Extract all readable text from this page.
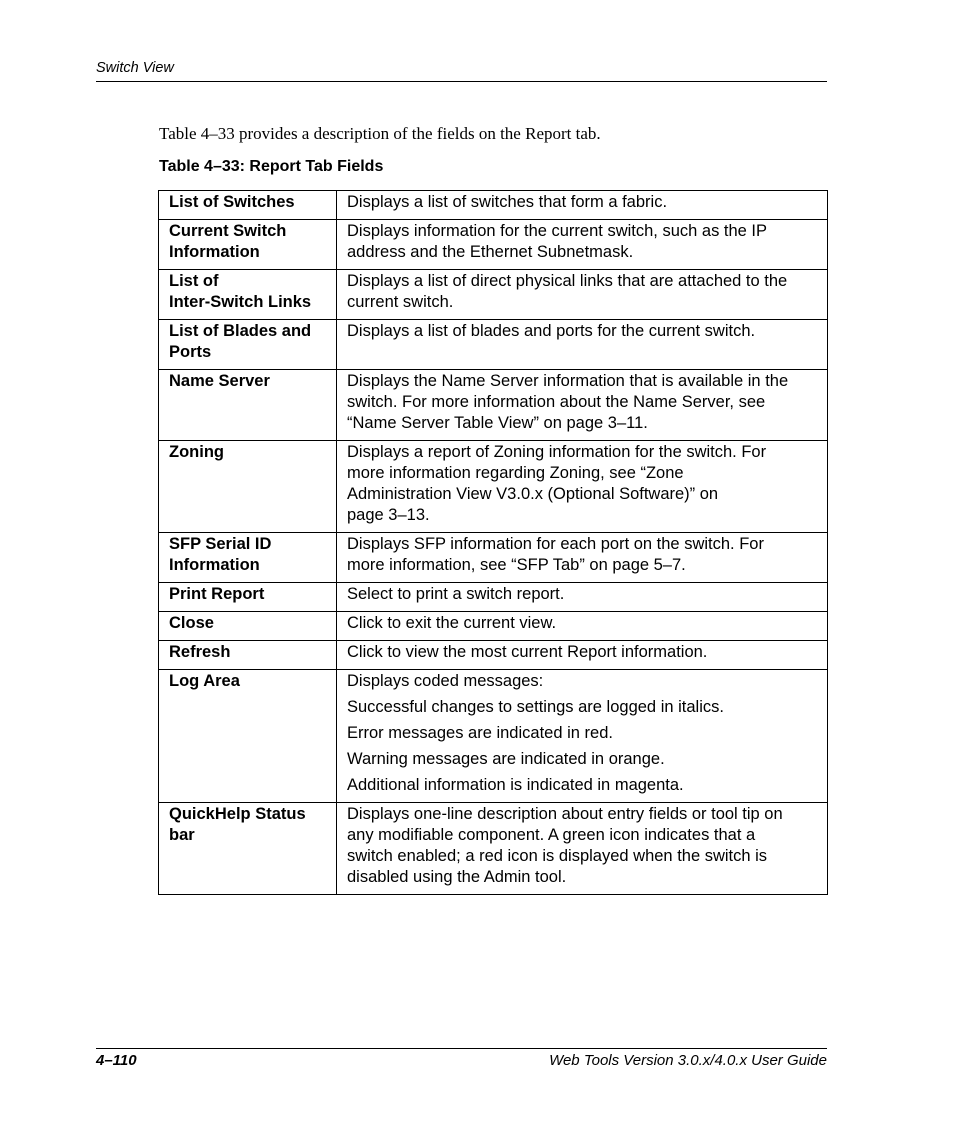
Switch View
Table 4–33 provides a description of the fields on the Report tab.
Table 4–33: Report Tab Fields
List of Switches	Displays a list of switches that form a fabric.
Current Switch
Information	Displays information for the current switch, such as the IP
address and the Ethernet Subnetmask.
List of
Inter-Switch Links	Displays a list of direct physical links that are attached to the
current switch.
List of Blades and
Ports	Displays a list of blades and ports for the current switch.
Name Server	Displays the Name Server information that is available in the
switch. For more information about the Name Server, see
“Name Server Table View” on page 3–11.
Zoning	Displays a report of Zoning information for the switch. For
more information regarding Zoning, see “Zone
Administration View V3.0.x (Optional Software)” on
page 3–13.
SFP Serial ID
Information	Displays SFP information for each port on the switch. For
more information, see “SFP Tab” on page 5–7.
Print Report	Select to print a switch report.
Close	Click to exit the current view.
Refresh	Click to view the most current Report information.
Log Area	Displays coded messages:
Successful changes to settings are logged in italics.
Error messages are indicated in red.
Warning messages are indicated in orange.
Additional information is indicated in magenta.

QuickHelp Status
bar	Displays one-line description about entry fields or tool tip on
any modifiable component. A green icon indicates that a
switch enabled; a red icon is displayed when the switch is
disabled using the Admin tool.
4–110	Web Tools Version 3.0.x/4.0.x User Guide
